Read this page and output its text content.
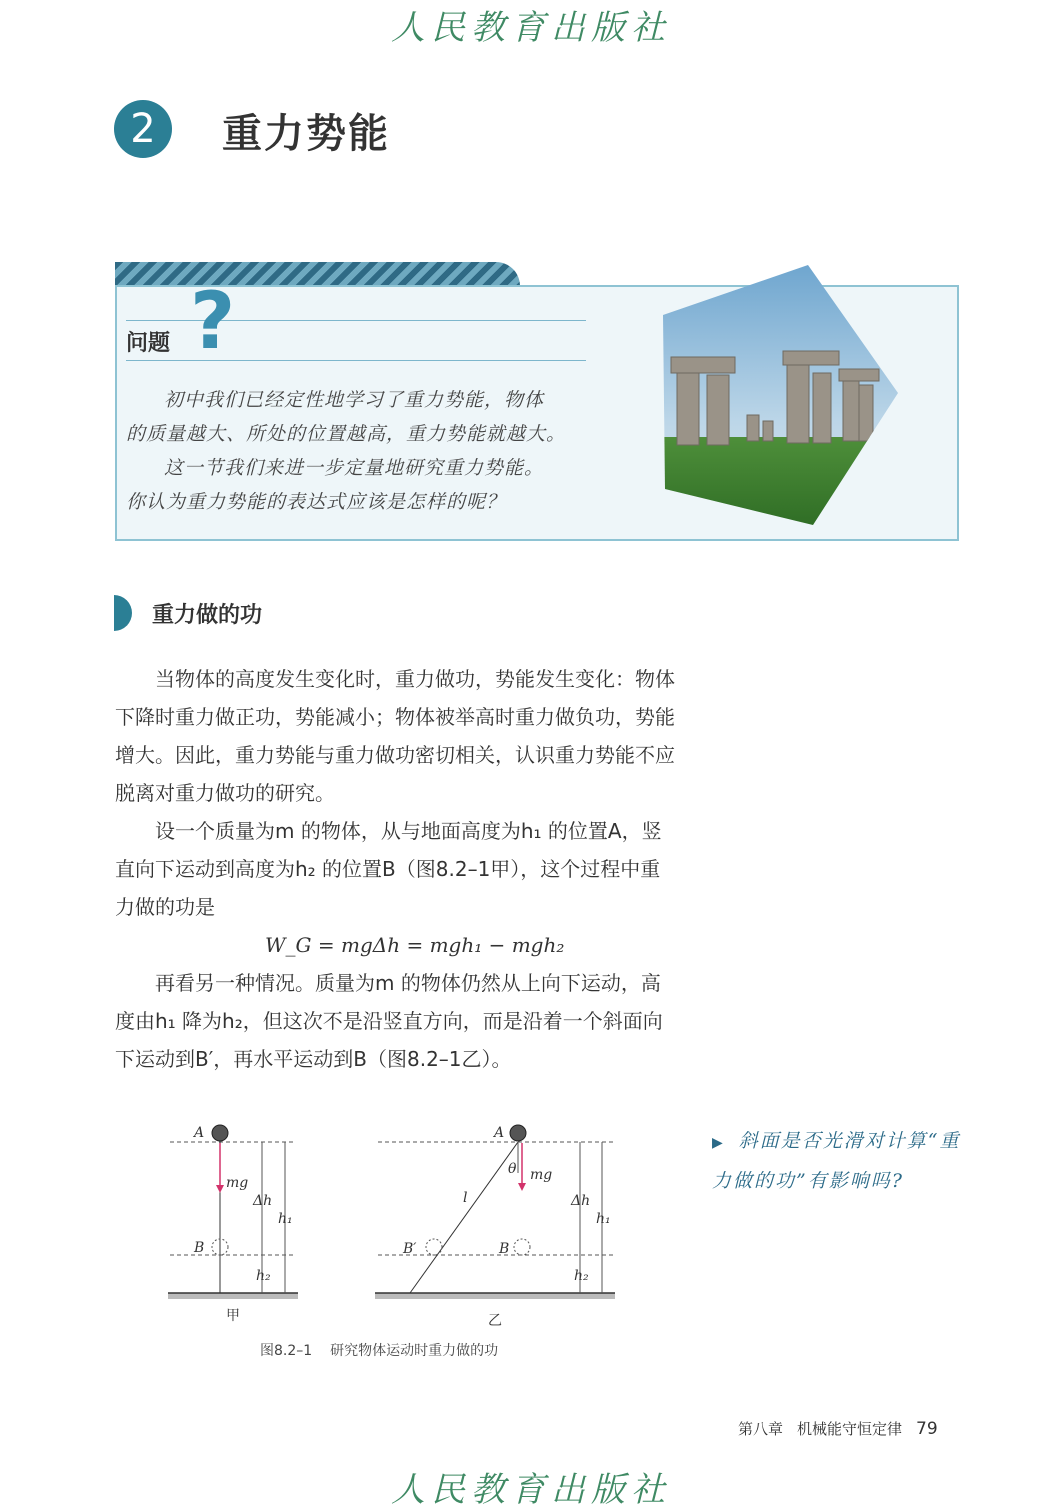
人民教育出版社
2	重力势能
问题 ?

初中我们已经定性地学习了重力势能，物体

的质量越大、所处的位置越高，重力势能就越大。

这一节我们来进一步定量地研究重力势能。

你认为重力势能的表达式应该是怎样的呢？

重力做的功

当物体的高度发生变化时，重力做功，势能发生变化：物体下降时重力做正功，势能减小；物体被举高时重力做负功，势能增大。因此，重力势能与重力做功密切相关，认识重力势能不应脱离对重力做功的研究。

设一个质量为m 的物体，从与地面高度为h₁ 的位置A，竖直向下运动到高度为h₂ 的位置B（图8.2–1甲），这个过程中重力做的功是

W_G = mgΔh = mgh₁ − mgh₂

再看另一种情况。质量为m 的物体仍然从上向下运动，高度由h₁ 降为h₂，但这次不是沿竖直方向，而是沿着一个斜面向下运动到B′，再水平运动到B（图8.2–1乙）。

▶ 斜面是否光滑对计算“重力做的功”有影响吗?
A
B
mg
Δh
h₁
h₂
甲
A
θ mg
l
B′	B
Δh
h₁
h₂
乙
图8.2–1 研究物体运动时重力做的功
第八章 机械能守恒定律 79
人民教育出版社
